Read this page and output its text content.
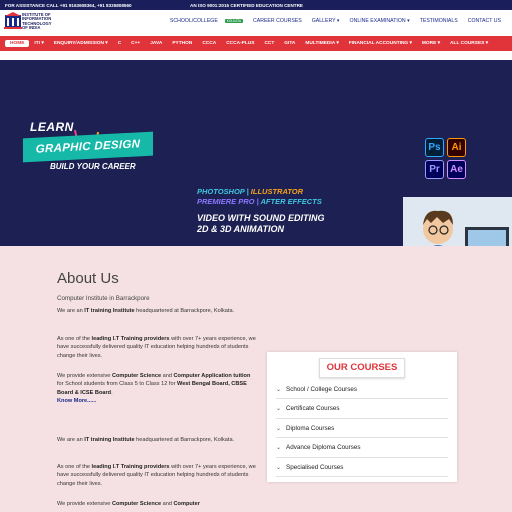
FOR ASSISTANCE CALL +91 9163608364, +91 8335808560	AN ISO 9001:2015 CERTIFIED EDUCATION CENTRE
INSTITUTE OF
INFORMATION
TECHNOLOGY
OF INDIA
SCHOOL/COLLEGE	KOLKATA	CAREER COURSES	GALLERY ▾	ONLINE EXAMINATION ▾	TESTIMONIALS	CONTACT US
HOME	ITI ▾	ENQUIRY/ADMISSION ▾	C	C++	JAVA	PYTHON	CCCA	CCCA-PLUS	CCT	GITA	MULTIMEDIA ▾	FINANCIAL ACCOUNTING ▾	MORE ▾	ALL COURSES ▾
LEARN
GRAPHIC DESIGN
BUILD YOUR CAREER
PHOTOSHOP | ILLUSTRATOR
PREMIERE PRO | AFTER EFFECTS
VIDEO WITH SOUND EDITING
2D & 3D ANIMATION
Ps	Ai
Pr	Ae
About Us
Computer Institute in Barrackpore
We are an IT training Institute headquartered at Barrackpore, Kolkata.
As one of the leading I.T Training providers with over 7+ years experience, we have successfully delivered quality IT education helping hundreds of students change their lives.
We provide extensive Computer Science and Computer Application tuition for School students from Class 5 to Class 12 for West Bengal Board, CBSE Board & ICSE Board.
Know More......
We are an IT training Institute headquartered at Barrackpore, Kolkata.
As one of the leading I.T Training providers with over 7+ years experience, we have successfully delivered quality IT education helping hundreds of students change their lives.
We provide extensive Computer Science and Computer
OUR COURSES
⌄ School / College Courses
⌄ Certificate Courses
⌄ Diploma Courses
⌄ Advance Diploma Courses
⌄ Specialised Courses
